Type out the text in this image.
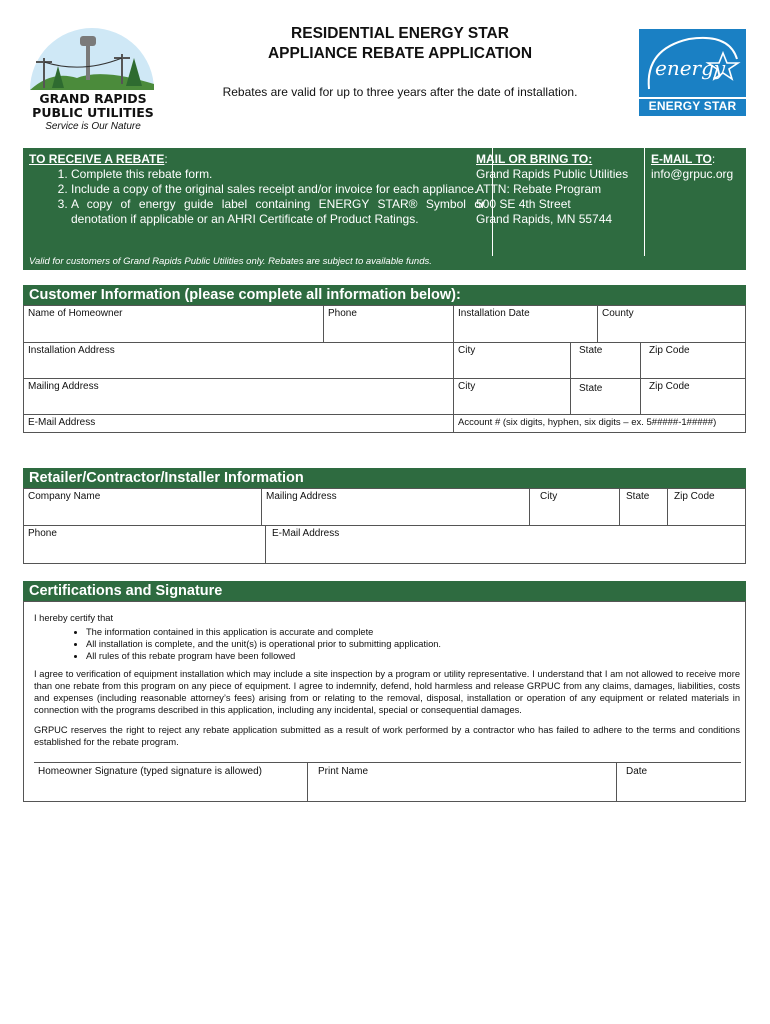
GRAND RAPIDS
PUBLIC UTILITIES
Service is Our Nature
RESIDENTIAL ENERGY STAR
APPLIANCE REBATE APPLICATION
Rebates are valid for up to three years after the date of installation.
energy
ENERGY STAR
TO RECEIVE A REBATE:
1. Complete this rebate form.
2. Include a copy of the original sales receipt and/or invoice for each appliance.
3. A copy of energy guide label containing ENERGY STAR® Symbol or denotation if applicable or an AHRI Certificate of Product Ratings.
MAIL OR BRING TO:
Grand Rapids Public Utilities
ATTN: Rebate Program
500 SE 4th Street
Grand Rapids, MN 55744
E-MAIL TO:
info@grpuc.org
Valid for customers of Grand Rapids Public Utilities only. Rebates are subject to available funds.
Customer Information (please complete all information below):
Name of Homeowner	Phone	Installation Date	County
Installation Address	City	State	Zip Code
Mailing Address	City	State	Zip Code
E-Mail Address	Account # (six digits, hyphen, six digits – ex. 5#####-1#####)
Retailer/Contractor/Installer Information
Company Name	Mailing Address	City	State	Zip Code
Phone	E-Mail Address
Certifications and Signature

I hereby certify that

• The information contained in this application is accurate and complete
• All installation is complete, and the unit(s) is operational prior to submitting application.
• All rules of this rebate program have been followed

I agree to verification of equipment installation which may include a site inspection by a program or utility representative. I understand that I am not allowed to receive more than one rebate from this program on any piece of equipment. I agree to indemnify, defend, hold harmless and release GRPUC from any claims, damages, liabilities, costs and expenses (including reasonable attorney’s fees) arising from or relating to the removal, disposal, installation or operation of any equipment or related materials in connection with the programs described in this application, including any incidental, special or consequential damages.

GRPUC reserves the right to reject any rebate application submitted as a result of work performed by a contractor who has failed to adhere to the terms and conditions established for the rebate program.

Homeowner Signature (typed signature is allowed)	Print Name	Date
